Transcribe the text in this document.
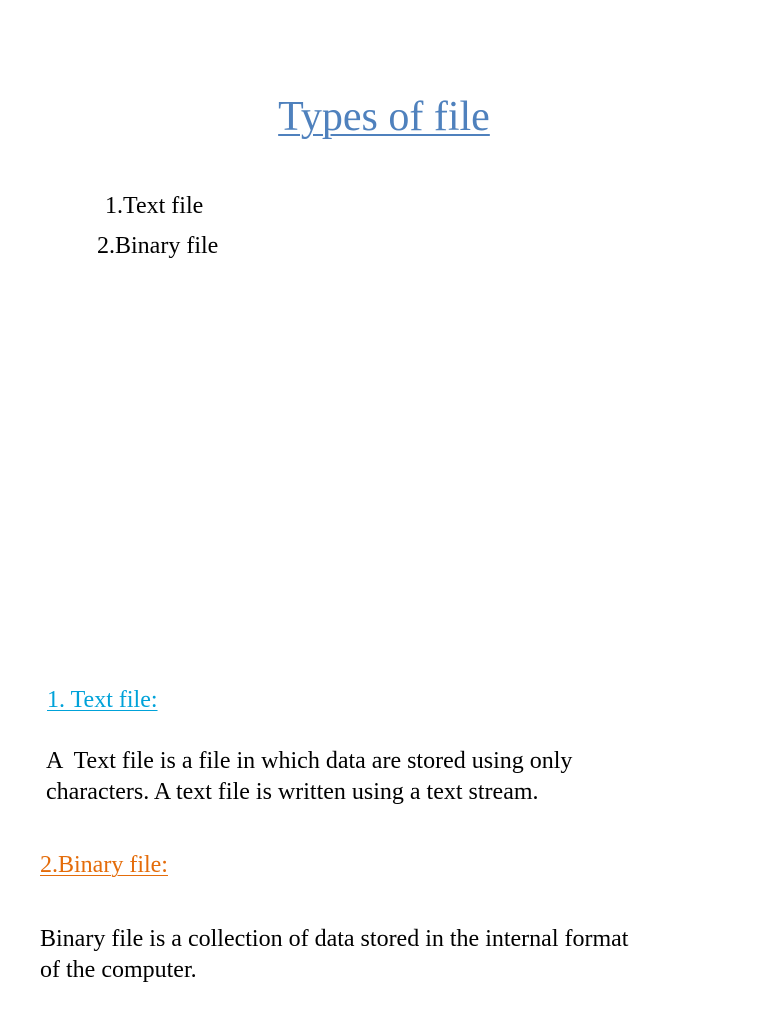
Types of file
1.Text file
2.Binary file
1. Text file:
A  Text file is a file in which data are stored using only
characters. A text file is written using a text stream.
2.Binary file:
Binary file is a collection of data stored in the internal format
of the computer.
